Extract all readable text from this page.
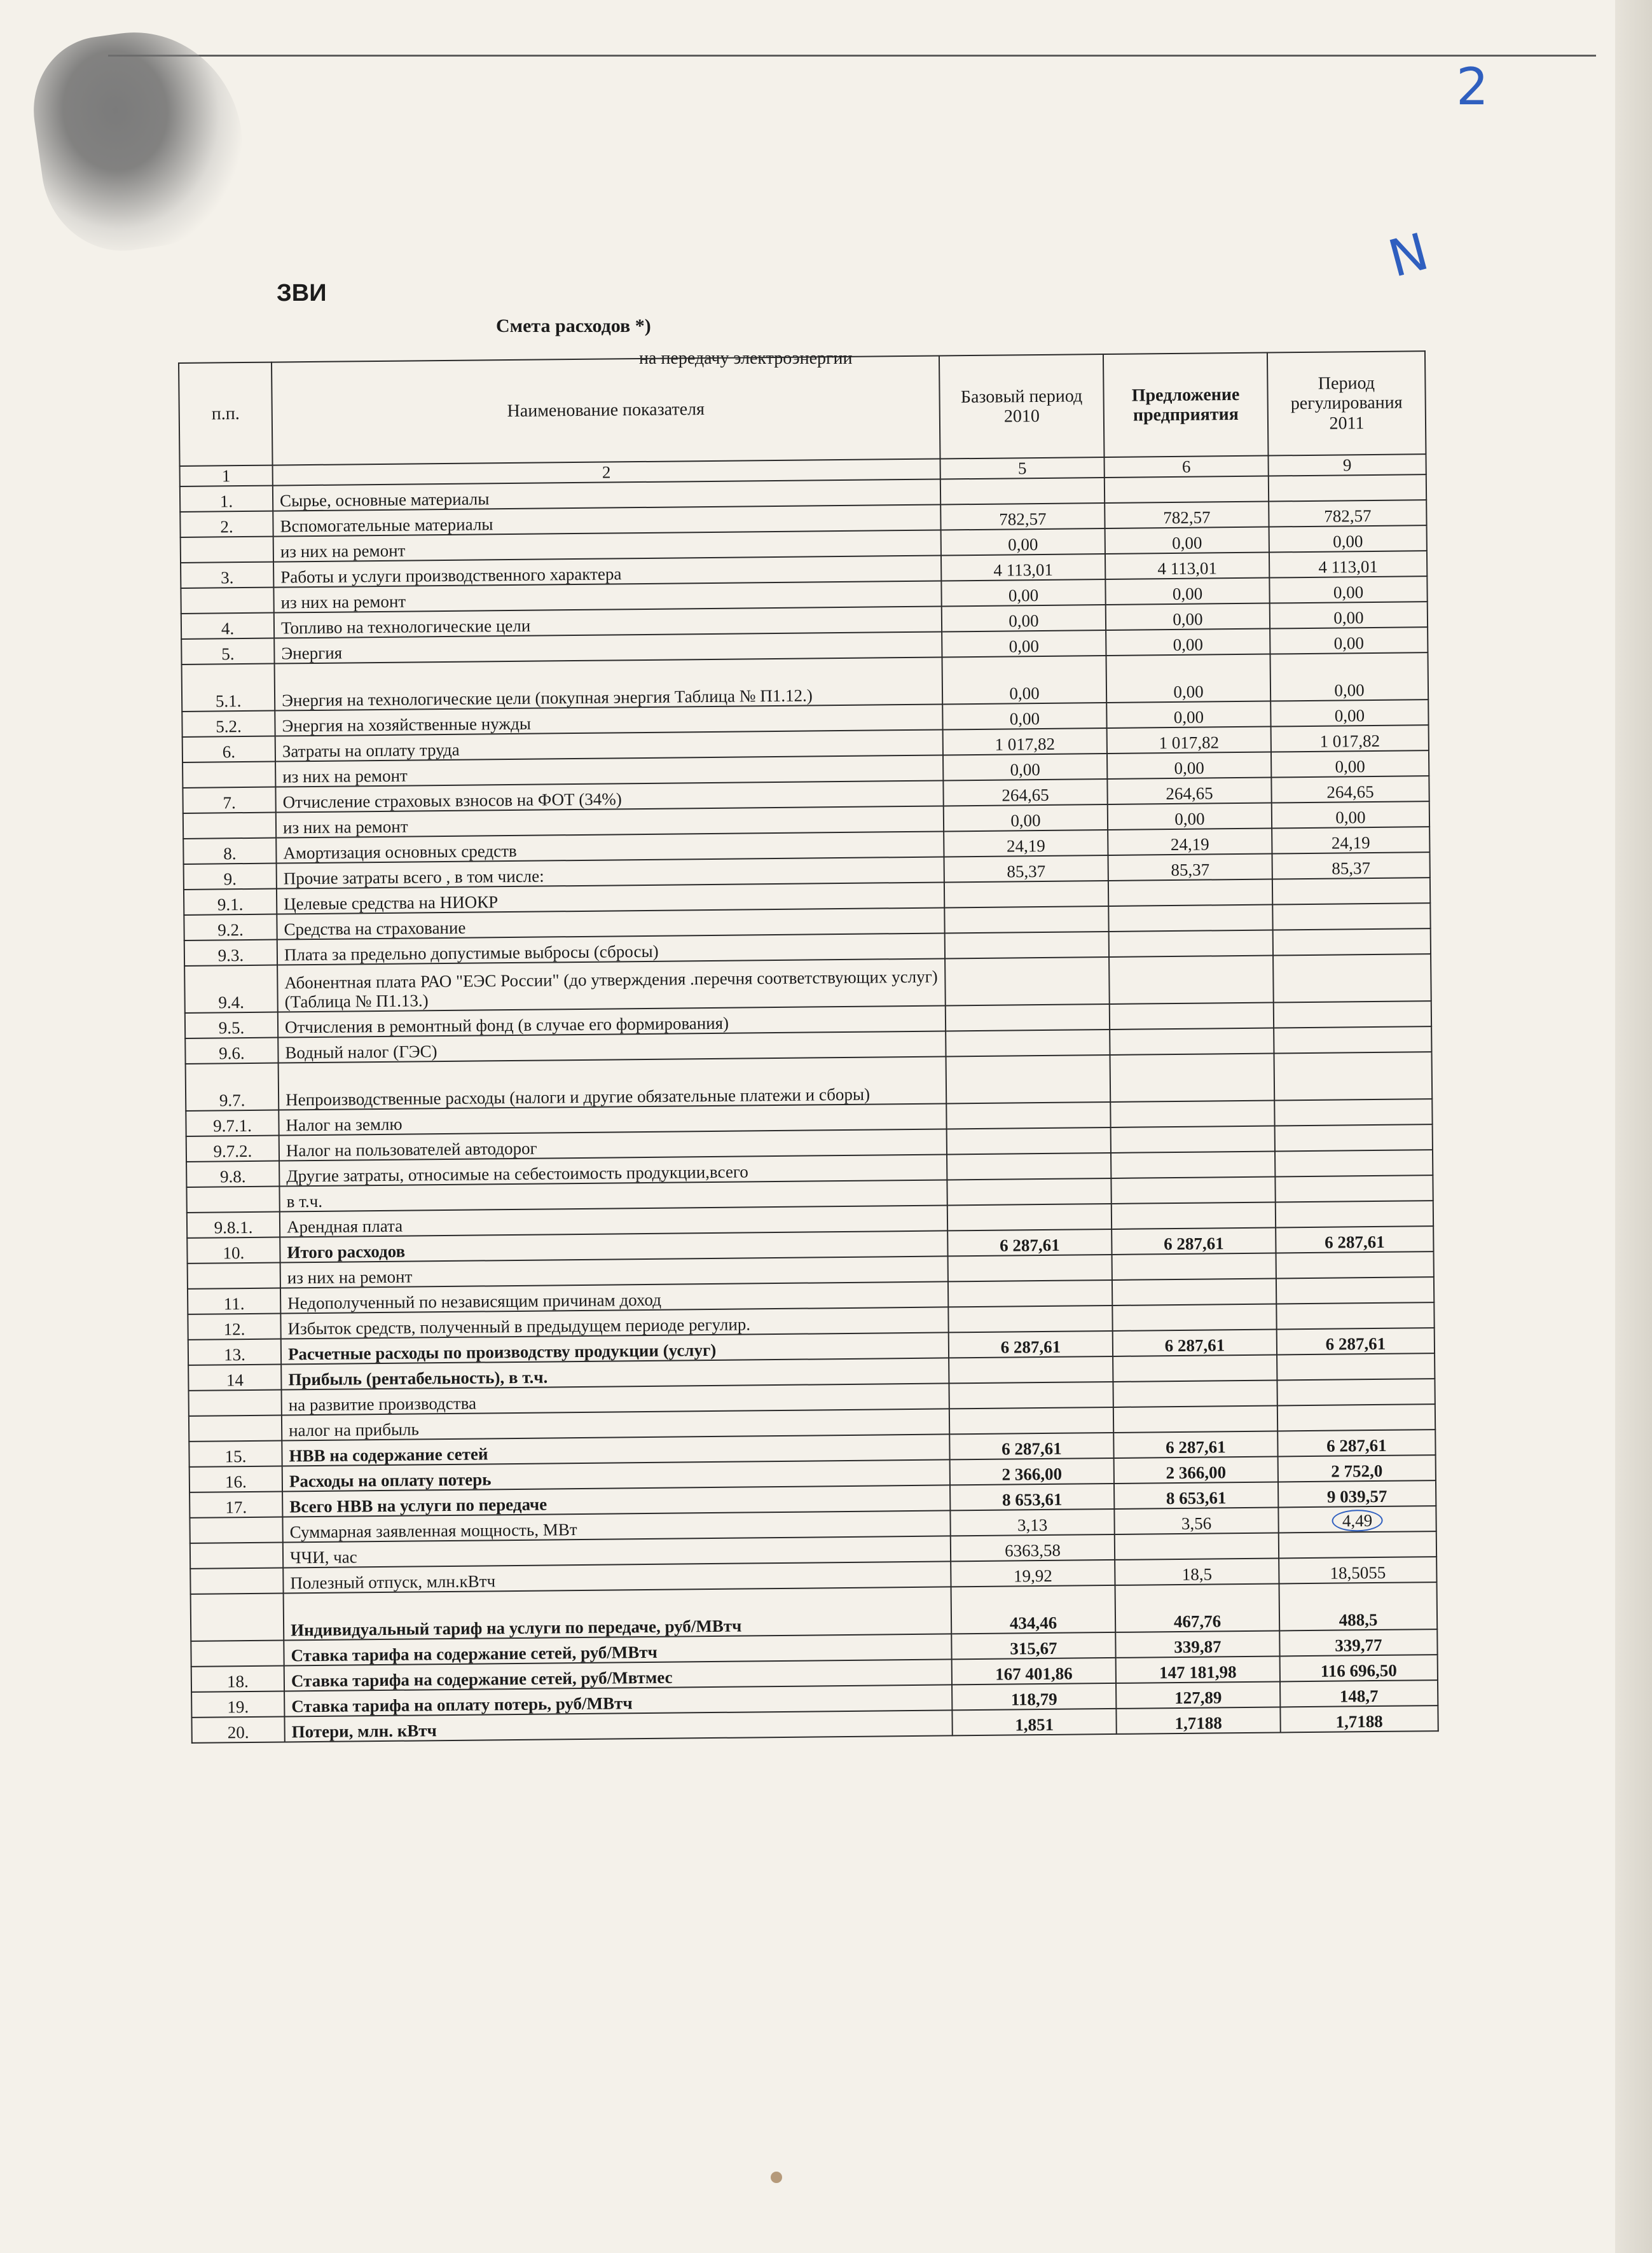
2
N
ЗВИ
Смета расходов *)
на передачу электроэнергии
п.п.	Наименование показателя	Базовый период 2010	Предложение предприятия	Период регулирования 2011
1	2	5	6	9
1.	Сырье, основные материалы			
2.	Вспомогательные материалы	782,57	782,57	782,57
	из них на ремонт	0,00	0,00	0,00
3.	Работы и услуги производственного характера	4 113,01	4 113,01	4 113,01
	из них на ремонт	0,00	0,00	0,00
4.	Топливо на технологические цели	0,00	0,00	0,00
5.	Энергия	0,00	0,00	0,00
5.1.	Энергия на технологические цели (покупная энергия Таблица № П1.12.)	0,00	0,00	0,00
5.2.	Энергия на хозяйственные нужды	0,00	0,00	0,00
6.	Затраты на оплату труда	1 017,82	1 017,82	1 017,82
	из них на ремонт	0,00	0,00	0,00
7.	Отчисление страховых взносов на ФОТ (34%)	264,65	264,65	264,65
	из них на ремонт	0,00	0,00	0,00
8.	Амортизация основных средств	24,19	24,19	24,19
9.	Прочие затраты всего , в том числе:	85,37	85,37	85,37
9.1.	Целевые средства на НИОКР			
9.2.	Средства на страхование			
9.3.	Плата за предельно допустимые выбросы (сбросы)			
9.4.	Абонентная плата РАО "ЕЭС России" (до утверждения .перечня соответствующих услуг) (Таблица № П1.13.)			
9.5.	Отчисления в ремонтный фонд (в случае его формирования)			
9.6.	Водный налог (ГЭС)			
9.7.	Непроизводственные расходы (налоги и другие обязательные платежи и сборы)			
9.7.1.	Налог на землю			
9.7.2.	Налог на пользователей автодорог			
9.8.	Другие затраты, относимые на себестоимость продукции,всего			
	в т.ч.			
9.8.1.	Арендная плата			
10.	Итого расходов	6 287,61	6 287,61	6 287,61
	из них на ремонт			
11.	Недополученный по независящим причинам доход			
12.	Избыток средств, полученный в предыдущем периоде регулир.			
13.	Расчетные расходы по производству продукции (услуг)	6 287,61	6 287,61	6 287,61
14	Прибыль (рентабельность), в т.ч.			
	на развитие производства			
	налог на прибыль			
15.	НВВ на содержание сетей	6 287,61	6 287,61	6 287,61
16.	Расходы на оплату потерь	2 366,00	2 366,00	2 752,0
17.	Всего НВВ на услуги по передаче	8 653,61	8 653,61	9 039,57
	Суммарная заявленная мощность, МВт	3,13	3,56	4,49
	ЧЧИ, час	6363,58		
	Полезный отпуск, млн.кВтч	19,92	18,5	18,5055
	Индивидуальный тариф на услуги по передаче, руб/МВтч	434,46	467,76	488,5
	Ставка тарифа на содержание сетей, руб/МВтч	315,67	339,87	339,77
18.	Ставка тарифа на содержание сетей, руб/Мвтмес	167 401,86	147 181,98	116 696,50
19.	Ставка тарифа на оплату потерь, руб/МВтч	118,79	127,89	148,7
20.	Потери, млн. кВтч	1,851	1,7188	1,7188
